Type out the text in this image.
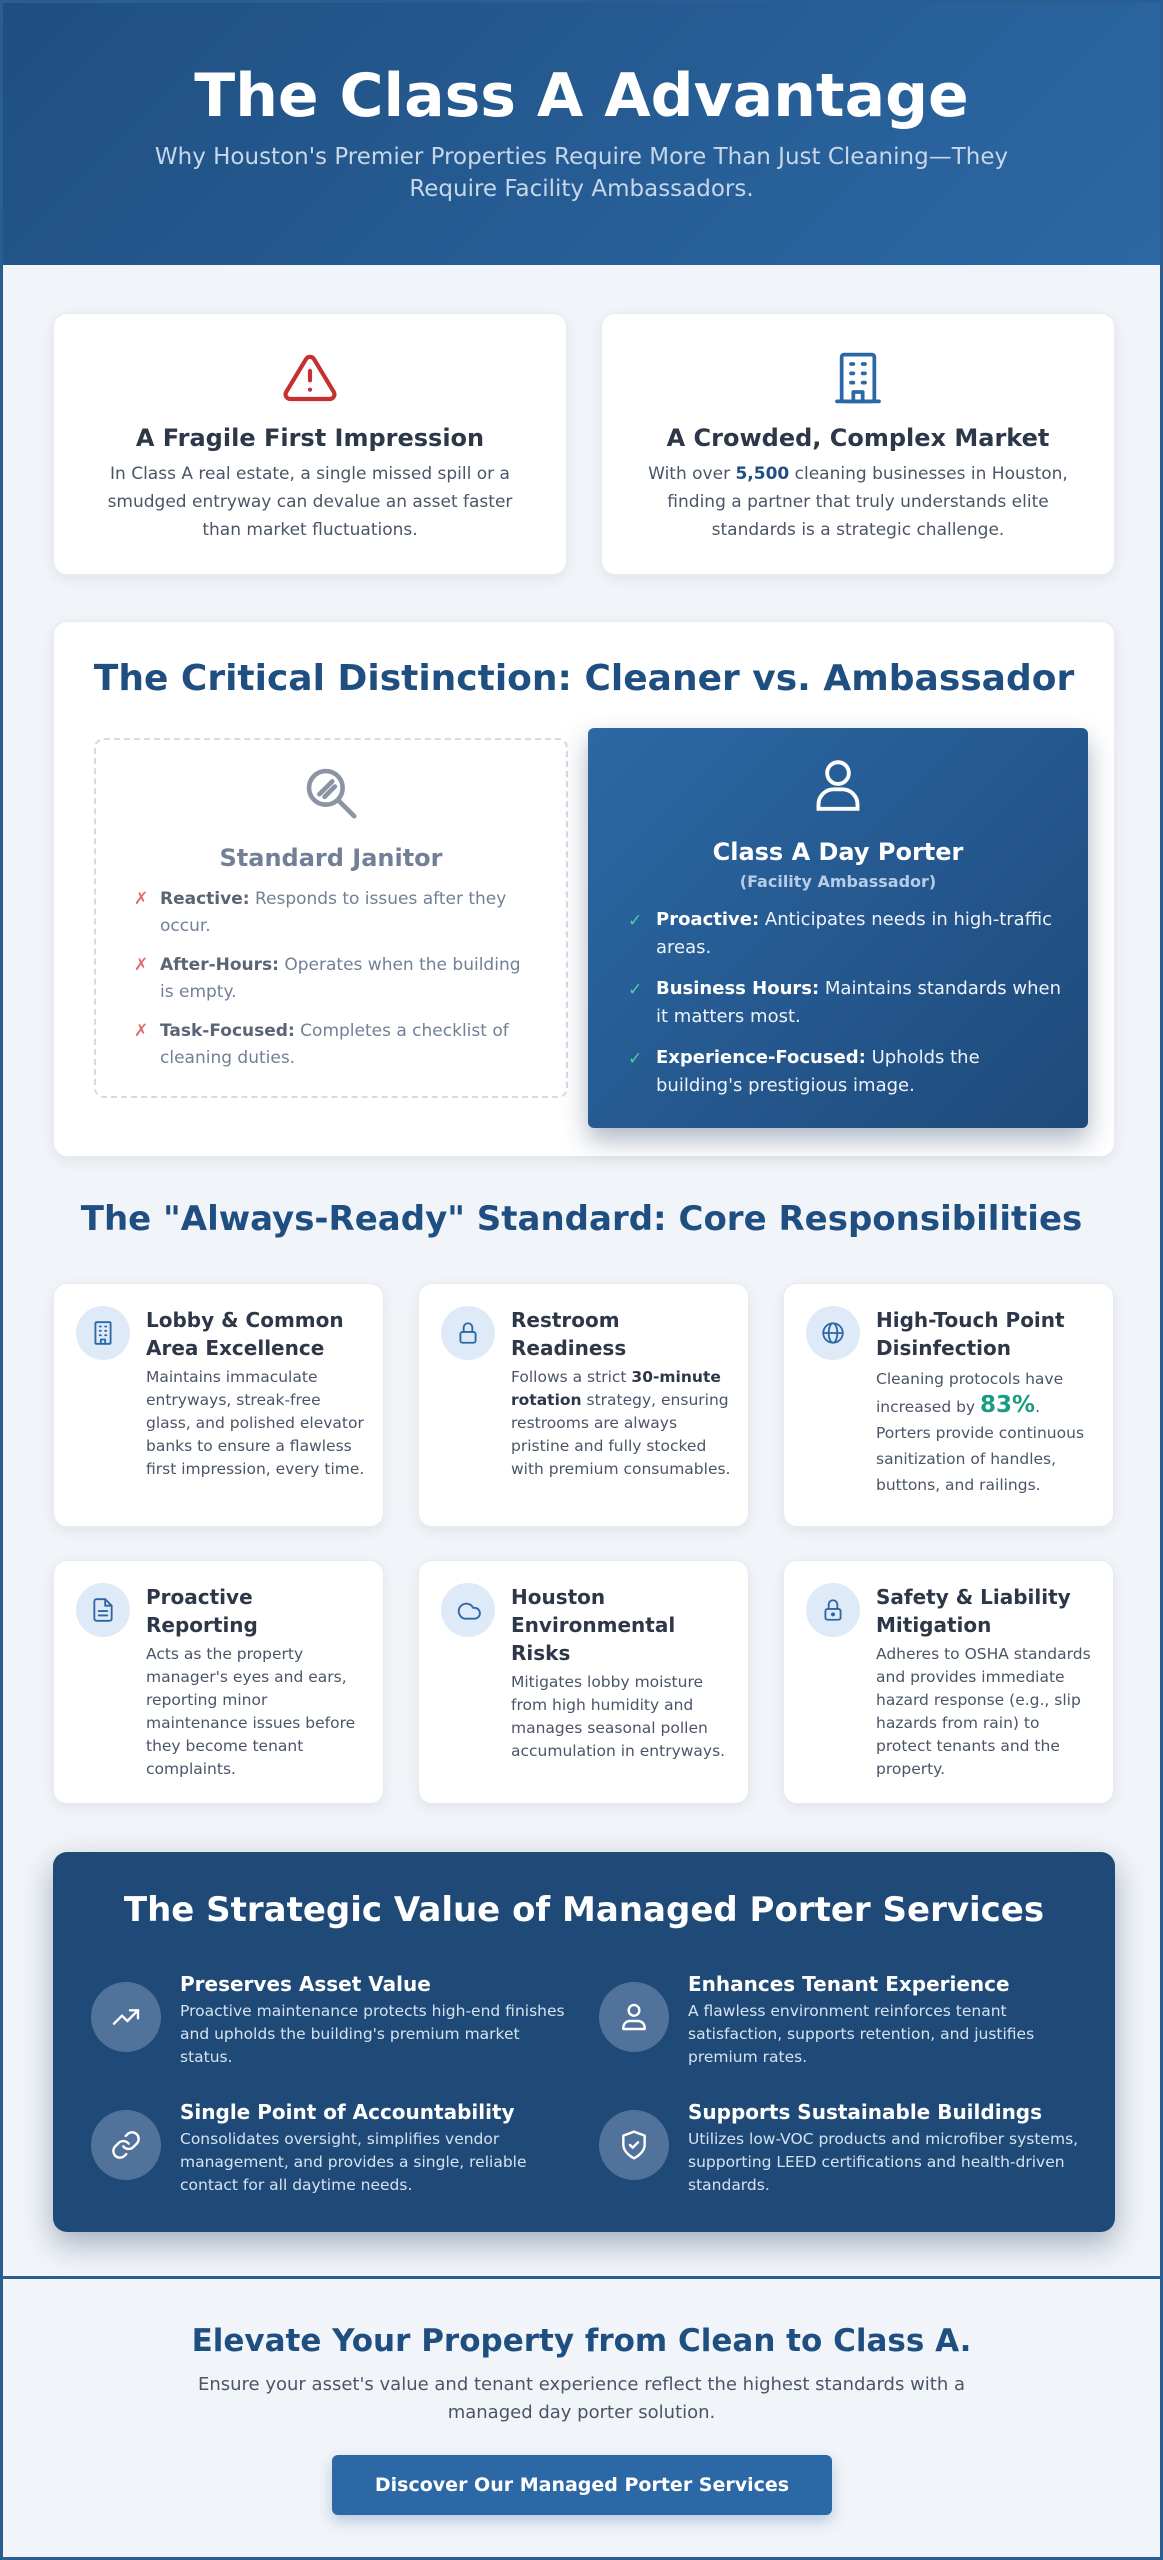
The Class A Advantage

Why Houston's Premier Properties Require More Than Just Cleaning—They Require Facility Ambassadors.

A Fragile First Impression

In Class A real estate, a single missed spill or a smudged entryway can devalue an asset faster than market fluctuations.

A Crowded, Complex Market

With over 5,500 cleaning businesses in Houston, finding a partner that truly understands elite standards is a strategic challenge.

The Critical Distinction: Cleaner vs. Ambassador
Standard Janitor
✗ Reactive: Responds to issues after they occur.
✗ After-Hours: Operates when the building is empty.
✗ Task-Focused: Completes a checklist of cleaning duties.
Class A Day Porter
(Facility Ambassador)
✓ Proactive: Anticipates needs in high-traffic areas.
✓ Business Hours: Maintains standards when it matters most.
✓ Experience-Focused: Upholds the building's prestigious image.
The "Always-Ready" Standard: Core Responsibilities
Lobby & Common Area Excellence

Maintains immaculate entryways, streak-free glass, and polished elevator banks to ensure a flawless first impression, every time.

Restroom Readiness

Follows a strict 30-minute rotation strategy, ensuring restrooms are always pristine and fully stocked with premium consumables.

High-Touch Point Disinfection

Cleaning protocols have increased by 83%. Porters provide continuous sanitization of handles, buttons, and railings.

Proactive Reporting

Acts as the property manager's eyes and ears, reporting minor maintenance issues before they become tenant complaints.

Houston Environmental Risks

Mitigates lobby moisture from high humidity and manages seasonal pollen accumulation in entryways.

Safety & Liability Mitigation

Adheres to OSHA standards and provides immediate hazard response (e.g., slip hazards from rain) to protect tenants and the property.

The Strategic Value of Managed Porter Services
Preserves Asset Value

Proactive maintenance protects high-end finishes and upholds the building's premium market status.

Enhances Tenant Experience

A flawless environment reinforces tenant satisfaction, supports retention, and justifies premium rates.

Single Point of Accountability

Consolidates oversight, simplifies vendor management, and provides a single, reliable contact for all daytime needs.

Supports Sustainable Buildings

Utilizes low-VOC products and microfiber systems, supporting LEED certifications and health-driven standards.

Elevate Your Property from Clean to Class A.

Ensure your asset's value and tenant experience reflect the highest standards with a managed day porter solution.

Discover Our Managed Porter Services
